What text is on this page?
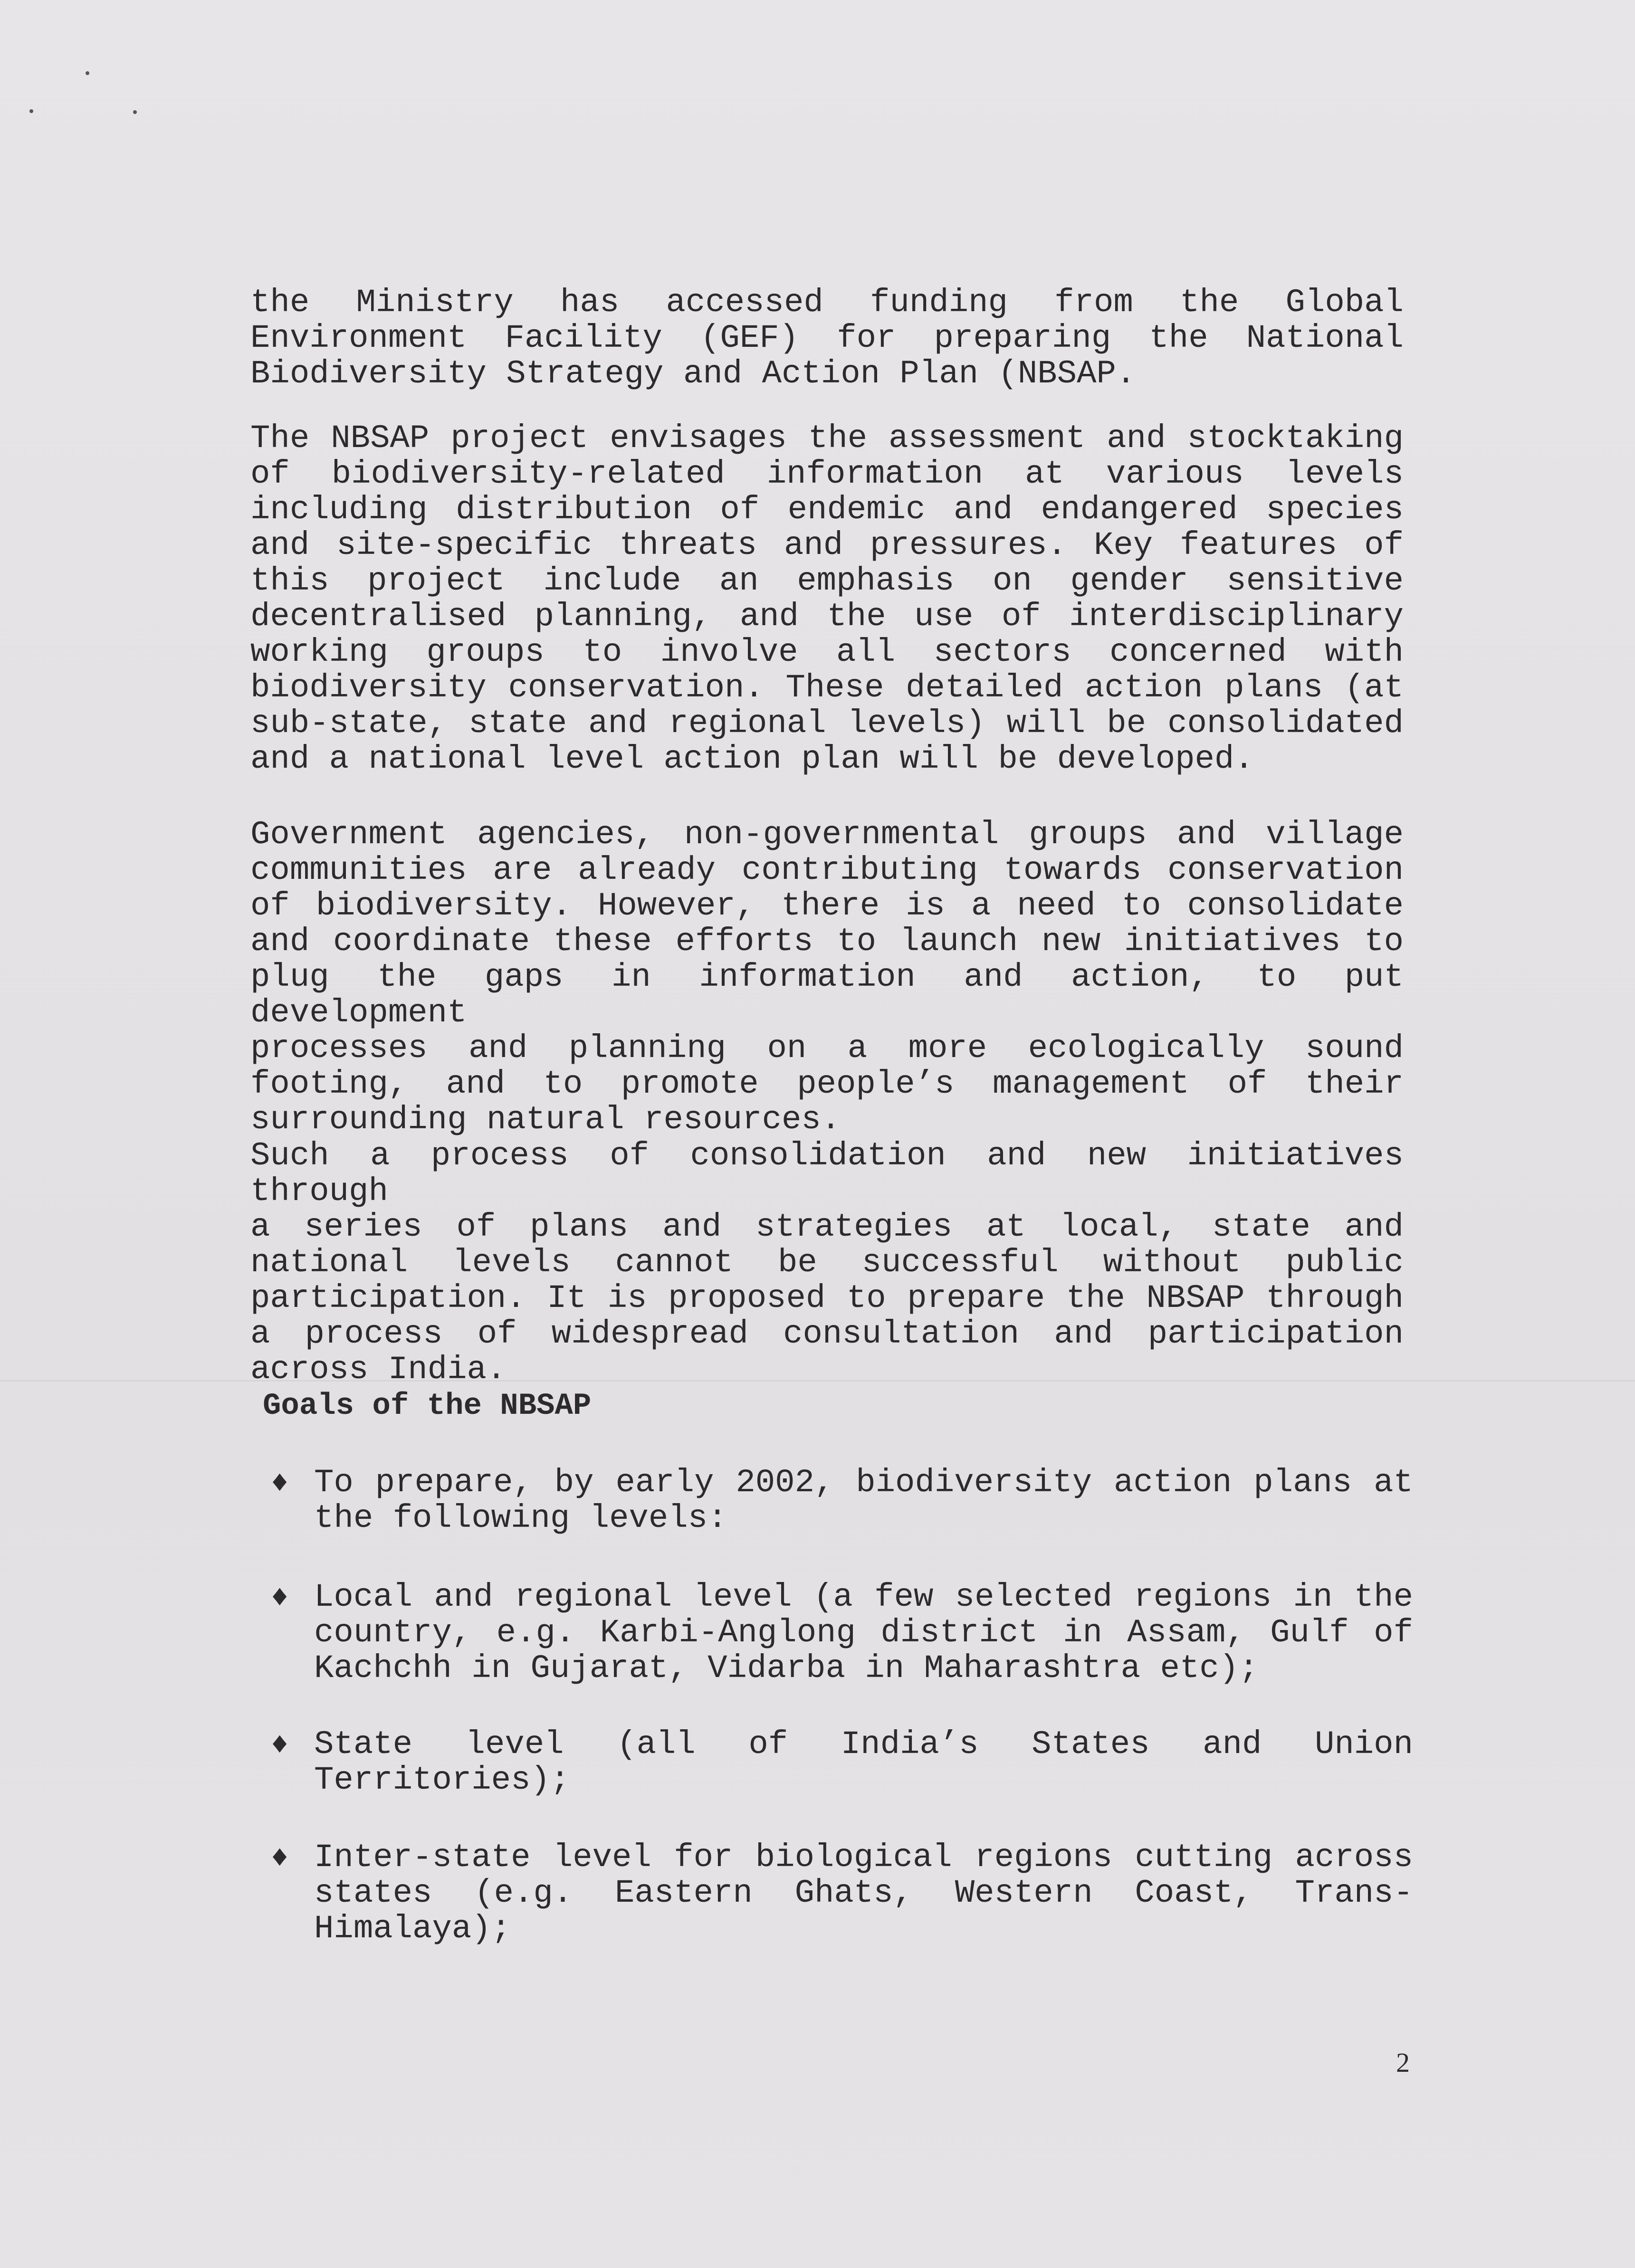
the Ministry has accessed funding from the Global
Environment Facility (GEF) for preparing the National
Biodiversity Strategy and Action Plan (NBSAP.
The NBSAP project envisages the assessment and stocktaking
of biodiversity-related information at various levels
including distribution of endemic and endangered species
and site-specific threats and pressures. Key features of
this project include an emphasis on gender sensitive
decentralised planning, and the use of interdisciplinary
working groups to involve all sectors concerned with
biodiversity conservation. These detailed action plans (at
sub-state, state and regional levels) will be consolidated
and a national level action plan will be developed.
Government agencies, non-governmental groups and village
communities are already contributing towards conservation
of biodiversity. However, there is a need to consolidate
and coordinate these efforts to launch new initiatives to
plug the gaps in information and action, to put development
processes and planning on a more ecologically sound
footing, and to promote people’s management of their
surrounding natural resources.
Such a process of consolidation and new initiatives through
a series of plans and strategies at local, state and
national levels cannot be successful without public
participation. It is proposed to prepare the NBSAP through
a process of widespread consultation and participation
across India.
Goals of the NBSAP
♦ To prepare, by early 2002, biodiversity action plans at
the following levels:
♦ Local and regional level (a few selected regions in the
country, e.g. Karbi-Anglong district in Assam, Gulf of
Kachchh in Gujarat, Vidarba in Maharashtra etc);
♦ State level (all of India’s States and Union
Territories);
♦ Inter-state level for biological regions cutting across
states (e.g. Eastern Ghats, Western Coast, Trans-
Himalaya);
2
